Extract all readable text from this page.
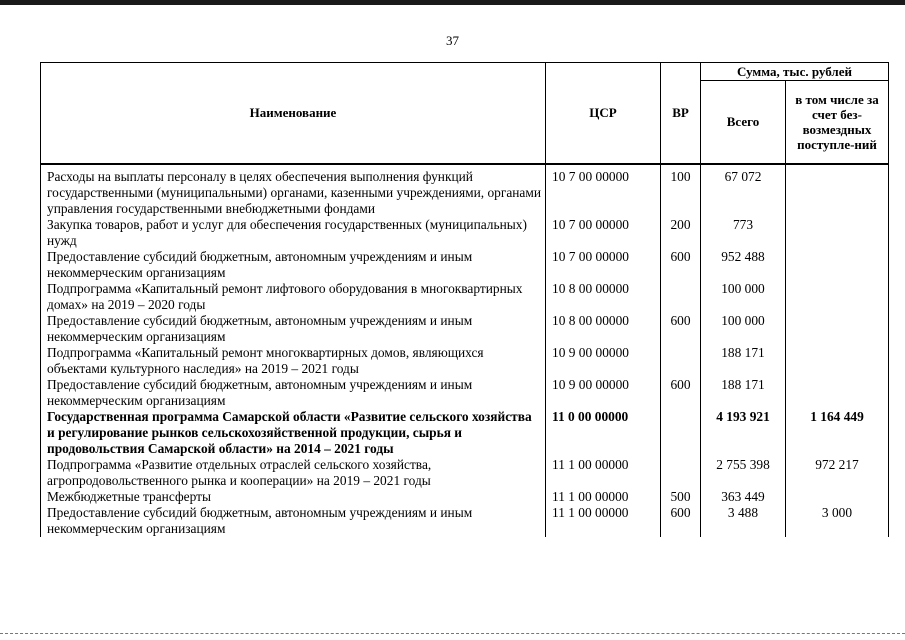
37
Наименование	ЦСР	ВР	Сумма, тыс. рублей	
			Всего	в том числе за счет без-возмездных поступле-ний
Расходы на выплаты персоналу в целях обеспечения выполнения функций государственными (муниципальными) органами, казенными учреждениями, органами управления государственными внебюджетными фондами	10 7 00 00000	100	67 072	
Закупка товаров, работ и услуг для обеспечения государственных (муниципальных) нужд	10 7 00 00000	200	773	
Предоставление субсидий бюджетным, автономным учреждениям и иным некоммерческим организациям	10 7 00 00000	600	952 488	
Подпрограмма «Капитальный ремонт лифтового оборудования в многоквартирных домах» на 2019 – 2020 годы	10 8 00 00000		100 000	
Предоставление субсидий бюджетным, автономным учреждениям и иным некоммерческим организациям	10 8 00 00000	600	100 000	
Подпрограмма «Капитальный ремонт многоквартирных домов, являющихся объектами культурного наследия» на 2019 – 2021 годы	10 9 00 00000		188 171	
Предоставление субсидий бюджетным, автономным учреждениям и иным некоммерческим организациям	10 9 00 00000	600	188 171	
Государственная программа Самарской области «Развитие сельского хозяйства и регулирование рынков сельскохозяйственной продукции, сырья и продовольствия Самарской области» на 2014 – 2021 годы	11 0 00 00000		4 193 921	1 164 449
Подпрограмма «Развитие отдельных отраслей сельского хозяйства, агропродовольственного рынка и кооперации» на 2019 – 2021 годы	11 1 00 00000		2 755 398	972 217
Межбюджетные трансферты	11 1 00 00000	500	363 449	
Предоставление субсидий бюджетным, автономным учреждениям и иным некоммерческим организациям	11 1 00 00000	600	3 488	3 000
